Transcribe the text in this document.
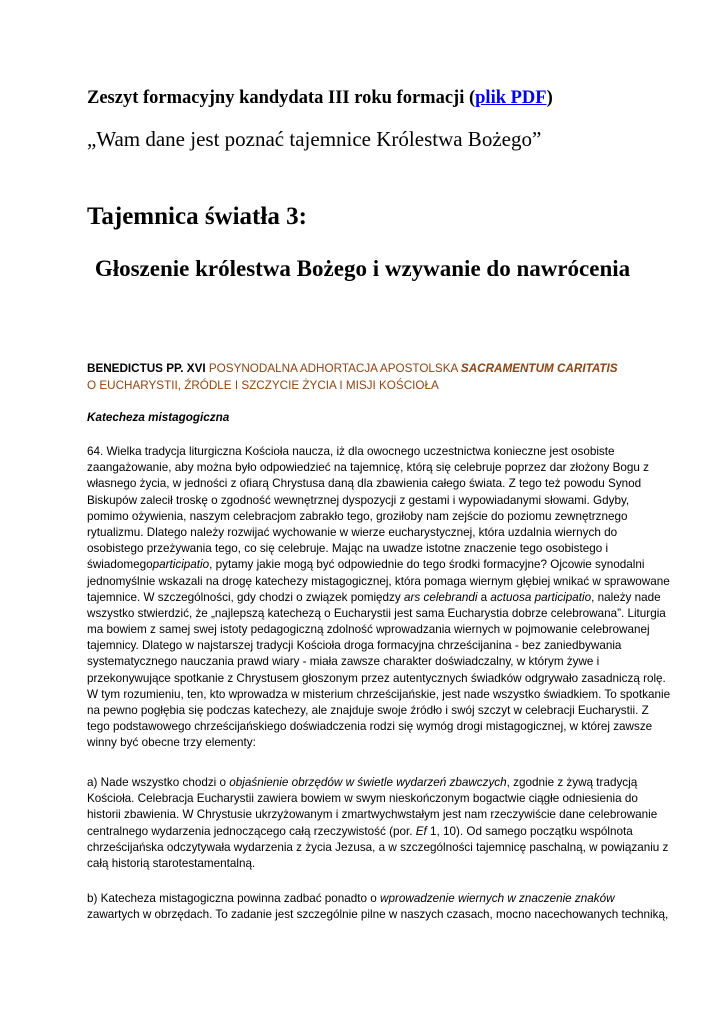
Zeszyt formacyjny kandydata III roku formacji (plik PDF)
„Wam dane jest poznać tajemnice Królestwa Bożego”
Tajemnica światła 3:
Głoszenie królestwa Bożego i wzywanie do nawrócenia
BENEDICTUS PP. XVI POSYNODALNA ADHORTACJA APOSTOLSKA SACRAMENTUM CARITATIS
O EUCHARYSTII, ŹRÓDLE I SZCZYCIE ŻYCIA I MISJI KOŚCIOŁA
Katecheza mistagogiczna
64. Wielka tradycja liturgiczna Kościoła naucza, iż dla owocnego uczestnictwa konieczne jest osobiste
zaangażowanie, aby można było odpowiedzieć na tajemnicę, którą się celebruje poprzez dar złożony Bogu z
własnego życia, w jedności z ofiarą Chrystusa daną dla zbawienia całego świata. Z tego też powodu Synod
Biskupów zalecił troskę o zgodność wewnętrznej dyspozycji z gestami i wypowiadanymi słowami. Gdyby,
pomimo ożywienia, naszym celebracjom zabrakło tego, groziłoby nam zejście do poziomu zewnętrznego
rytualizmu. Dlatego należy rozwijać wychowanie w wierze eucharystycznej, która uzdalnia wiernych do
osobistego przeżywania tego, co się celebruje. Mając na uwadze istotne znaczenie tego osobistego i
świadomegoparticipatio, pytamy jakie mogą być odpowiednie do tego środki formacyjne? Ojcowie synodalni
jednomyślnie wskazali na drogę katechezy mistagogicznej, która pomaga wiernym głębiej wnikać w sprawowane
tajemnice. W szczególności, gdy chodzi o związek pomiędzy ars celebrandi a actuosa participatio, należy nade
wszystko stwierdzić, że „najlepszą katechezą o Eucharystii jest sama Eucharystia dobrze celebrowana”. Liturgia
ma bowiem z samej swej istoty pedagogiczną zdolność wprowadzania wiernych w pojmowanie celebrowanej
tajemnicy. Dlatego w najstarszej tradycji Kościoła droga formacyjna chrześcijanina - bez zaniedbywania
systematycznego nauczania prawd wiary - miała zawsze charakter doświadczalny, w którym żywe i
przekonywujące spotkanie z Chrystusem głoszonym przez autentycznych świadków odgrywało zasadniczą rolę.
W tym rozumieniu, ten, kto wprowadza w misterium chrześcijańskie, jest nade wszystko świadkiem. To spotkanie
na pewno pogłębia się podczas katechezy, ale znajduje swoje źródło i swój szczyt w celebracji Eucharystii. Z
tego podstawowego chrześcijańskiego doświadczenia rodzi się wymóg drogi mistagogicznej, w której zawsze
winny być obecne trzy elementy:
a) Nade wszystko chodzi o objaśnienie obrzędów w świetle wydarzeń zbawczych, zgodnie z żywą tradycją
Kościoła. Celebracja Eucharystii zawiera bowiem w swym nieskończonym bogactwie ciągłe odniesienia do
historii zbawienia. W Chrystusie ukrzyżowanym i zmartwychwstałym jest nam rzeczywiście dane celebrowanie
centralnego wydarzenia jednoczącego całą rzeczywistość (por. Ef 1, 10). Od samego początku wspólnota
chrześcijańska odczytywała wydarzenia z życia Jezusa, a w szczególności tajemnicę paschalną, w powiązaniu z
całą historią starotestamentalną.
b) Katecheza mistagogiczna powinna zadbać ponadto o wprowadzenie wiernych w znaczenie znaków
zawartych w obrzędach. To zadanie jest szczególnie pilne w naszych czasach, mocno nacechowanych techniką,
